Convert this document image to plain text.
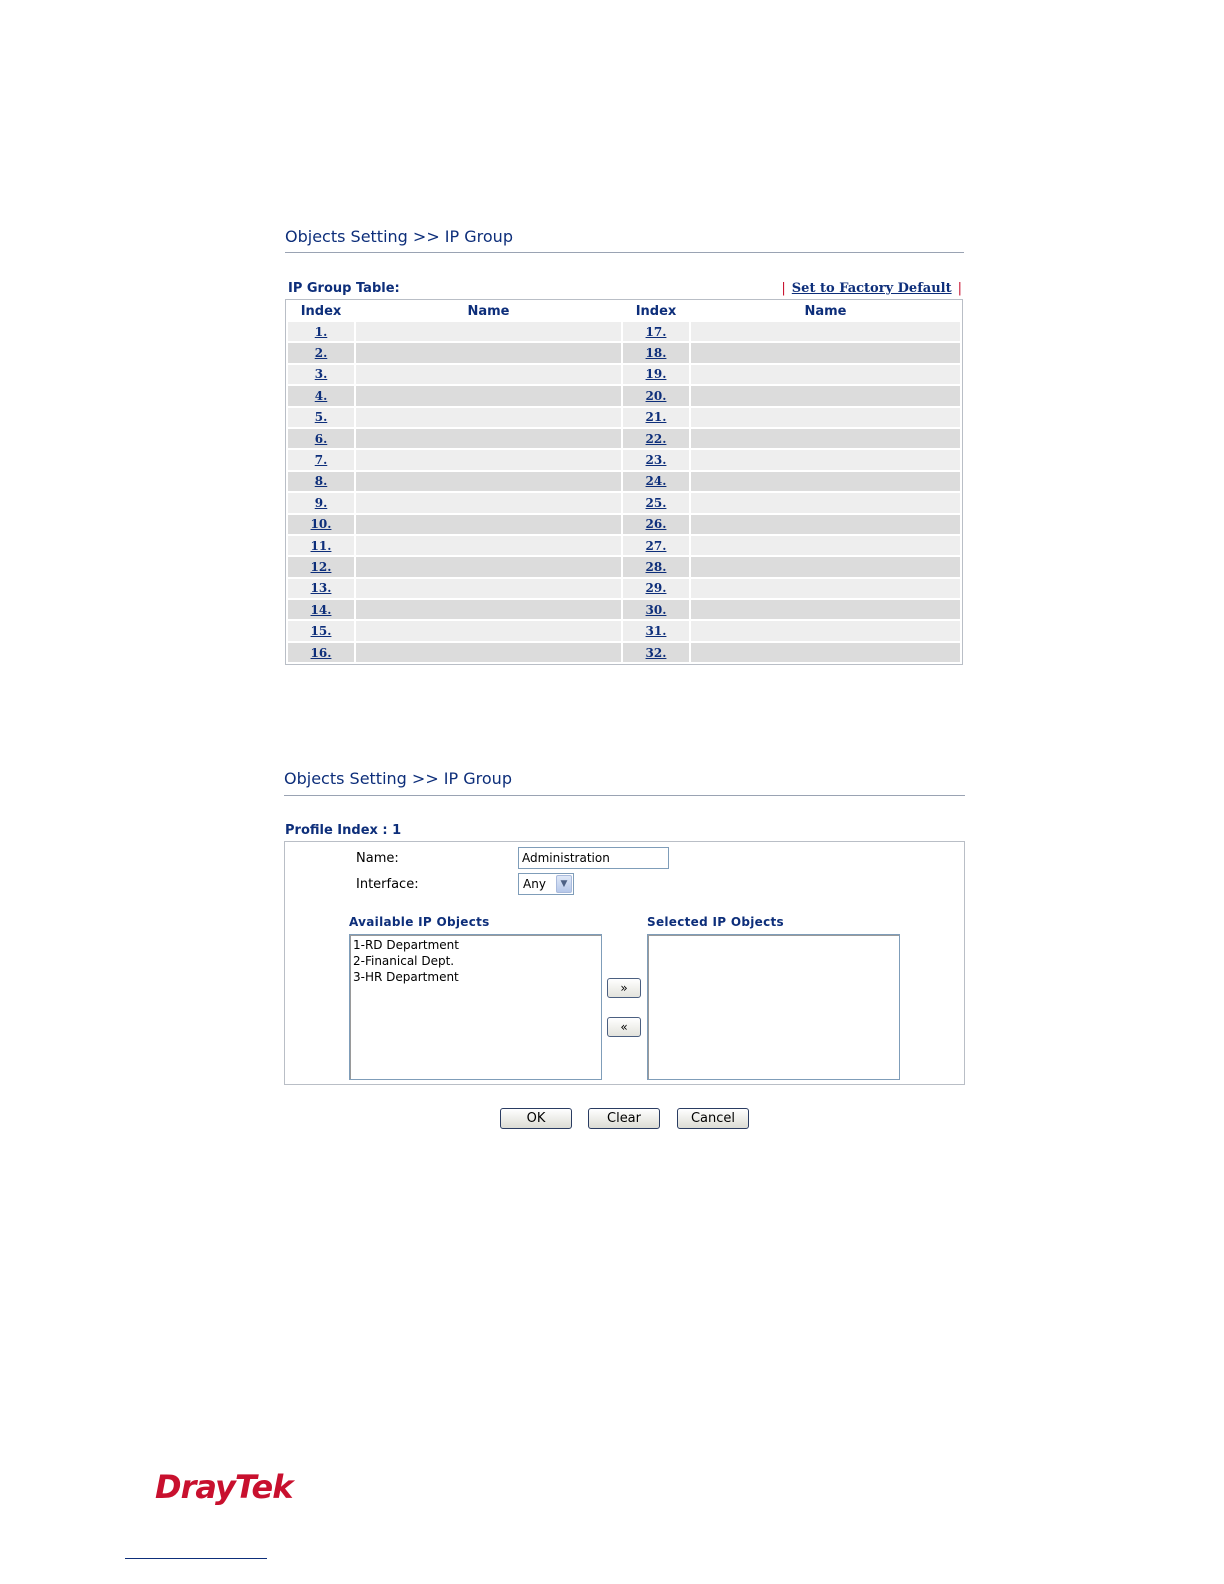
Objects Setting >> IP Group
IP Group Table:	| Set to Factory Default |
Index	Name	Index	Name
1.		17.	
2.		18.	
3.		19.	
4.		20.	
5.		21.	
6.		22.	
7.		23.	
8.		24.	
9.		25.	
10.		26.	
11.		27.	
12.		28.	
13.		29.	
14.		30.	
15.		31.	
16.		32.	
Objects Setting >> IP Group
Profile Index : 1
Name:
Administration
Interface:	Any	▼
Available IP Objects	Selected IP Objects
1-RD Department
2-Finanical Dept.
3-HR Department
»
«
OK	Clear	Cancel
DrayTek
